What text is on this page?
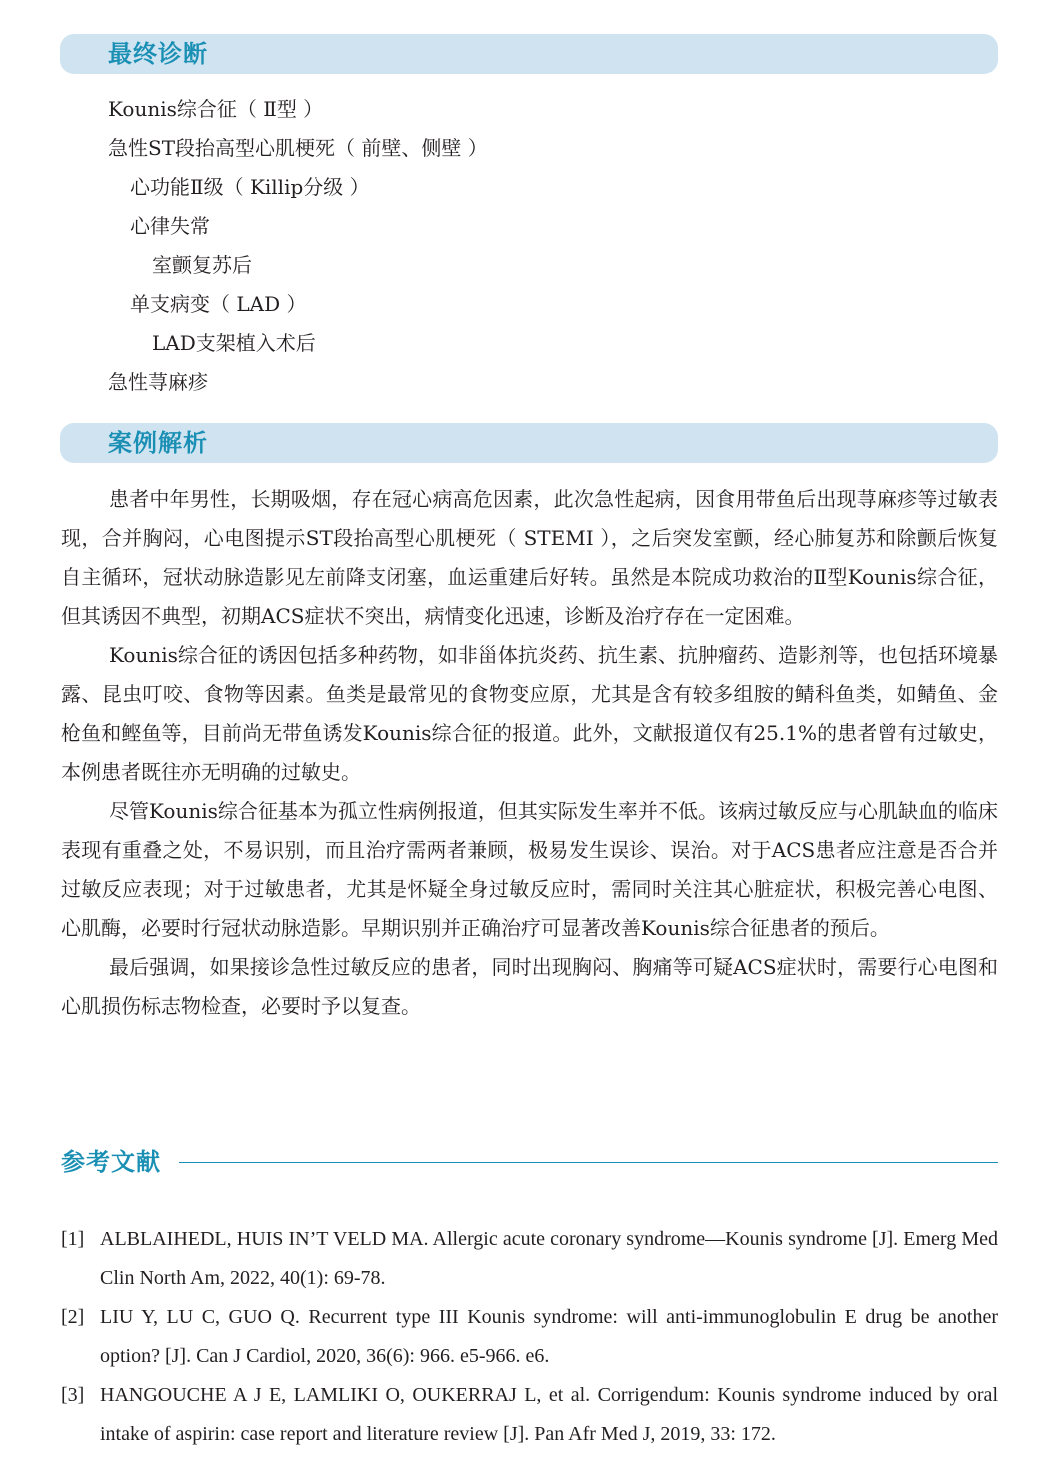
最终诊断
Kounis综合征（ Ⅱ型 ）
急性ST段抬高型心肌梗死（ 前壁、侧壁 ）
心功能Ⅱ级（ Killip分级 ）
心律失常
室颤复苏后
单支病变（ LAD ）
LAD支架植入术后
急性荨麻疹
案例解析

患者中年男性，长期吸烟，存在冠心病高危因素，此次急性起病，因食用带鱼后出现荨麻疹等过敏表现，合并胸闷，心电图提示ST段抬高型心肌梗死（ STEMI ），之后突发室颤，经心肺复苏和除颤后恢复自主循环，冠状动脉造影见左前降支闭塞，血运重建后好转。虽然是本院成功救治的Ⅱ型Kounis综合征，但其诱因不典型，初期ACS症状不突出，病情变化迅速，诊断及治疗存在一定困难。

Kounis综合征的诱因包括多种药物，如非甾体抗炎药、抗生素、抗肿瘤药、造影剂等，也包括环境暴露、昆虫叮咬、食物等因素。鱼类是最常见的食物变应原，尤其是含有较多组胺的鲭科鱼类，如鲭鱼、金枪鱼和鲣鱼等，目前尚无带鱼诱发Kounis综合征的报道。此外，文献报道仅有25.1%的患者曾有过敏史，本例患者既往亦无明确的过敏史。

尽管Kounis综合征基本为孤立性病例报道，但其实际发生率并不低。该病过敏反应与心肌缺血的临床表现有重叠之处，不易识别，而且治疗需两者兼顾，极易发生误诊、误治。对于ACS患者应注意是否合并过敏反应表现；对于过敏患者，尤其是怀疑全身过敏反应时，需同时关注其心脏症状，积极完善心电图、心肌酶，必要时行冠状动脉造影。早期识别并正确治疗可显著改善Kounis综合征患者的预后。

最后强调，如果接诊急性过敏反应的患者，同时出现胸闷、胸痛等可疑ACS症状时，需要行心电图和心肌损伤标志物检查，必要时予以复查。

参考文献
[1] ALBLAIHEDL, HUIS IN’T VELD MA. Allergic acute coronary syndrome—Kounis syndrome [J]. Emerg Med Clin North Am, 2022, 40(1): 69-78.
[2] LIU Y, LU C, GUO Q. Recurrent type III Kounis syndrome: will anti-immunoglobulin E drug be another option? [J]. Can J Cardiol, 2020, 36(6): 966. e5-966. e6.
[3] HANGOUCHE A J E, LAMLIKI O, OUKERRAJ L, et al. Corrigendum: Kounis syndrome induced by oral intake of aspirin: case report and literature review [J]. Pan Afr Med J, 2019, 33: 172.
